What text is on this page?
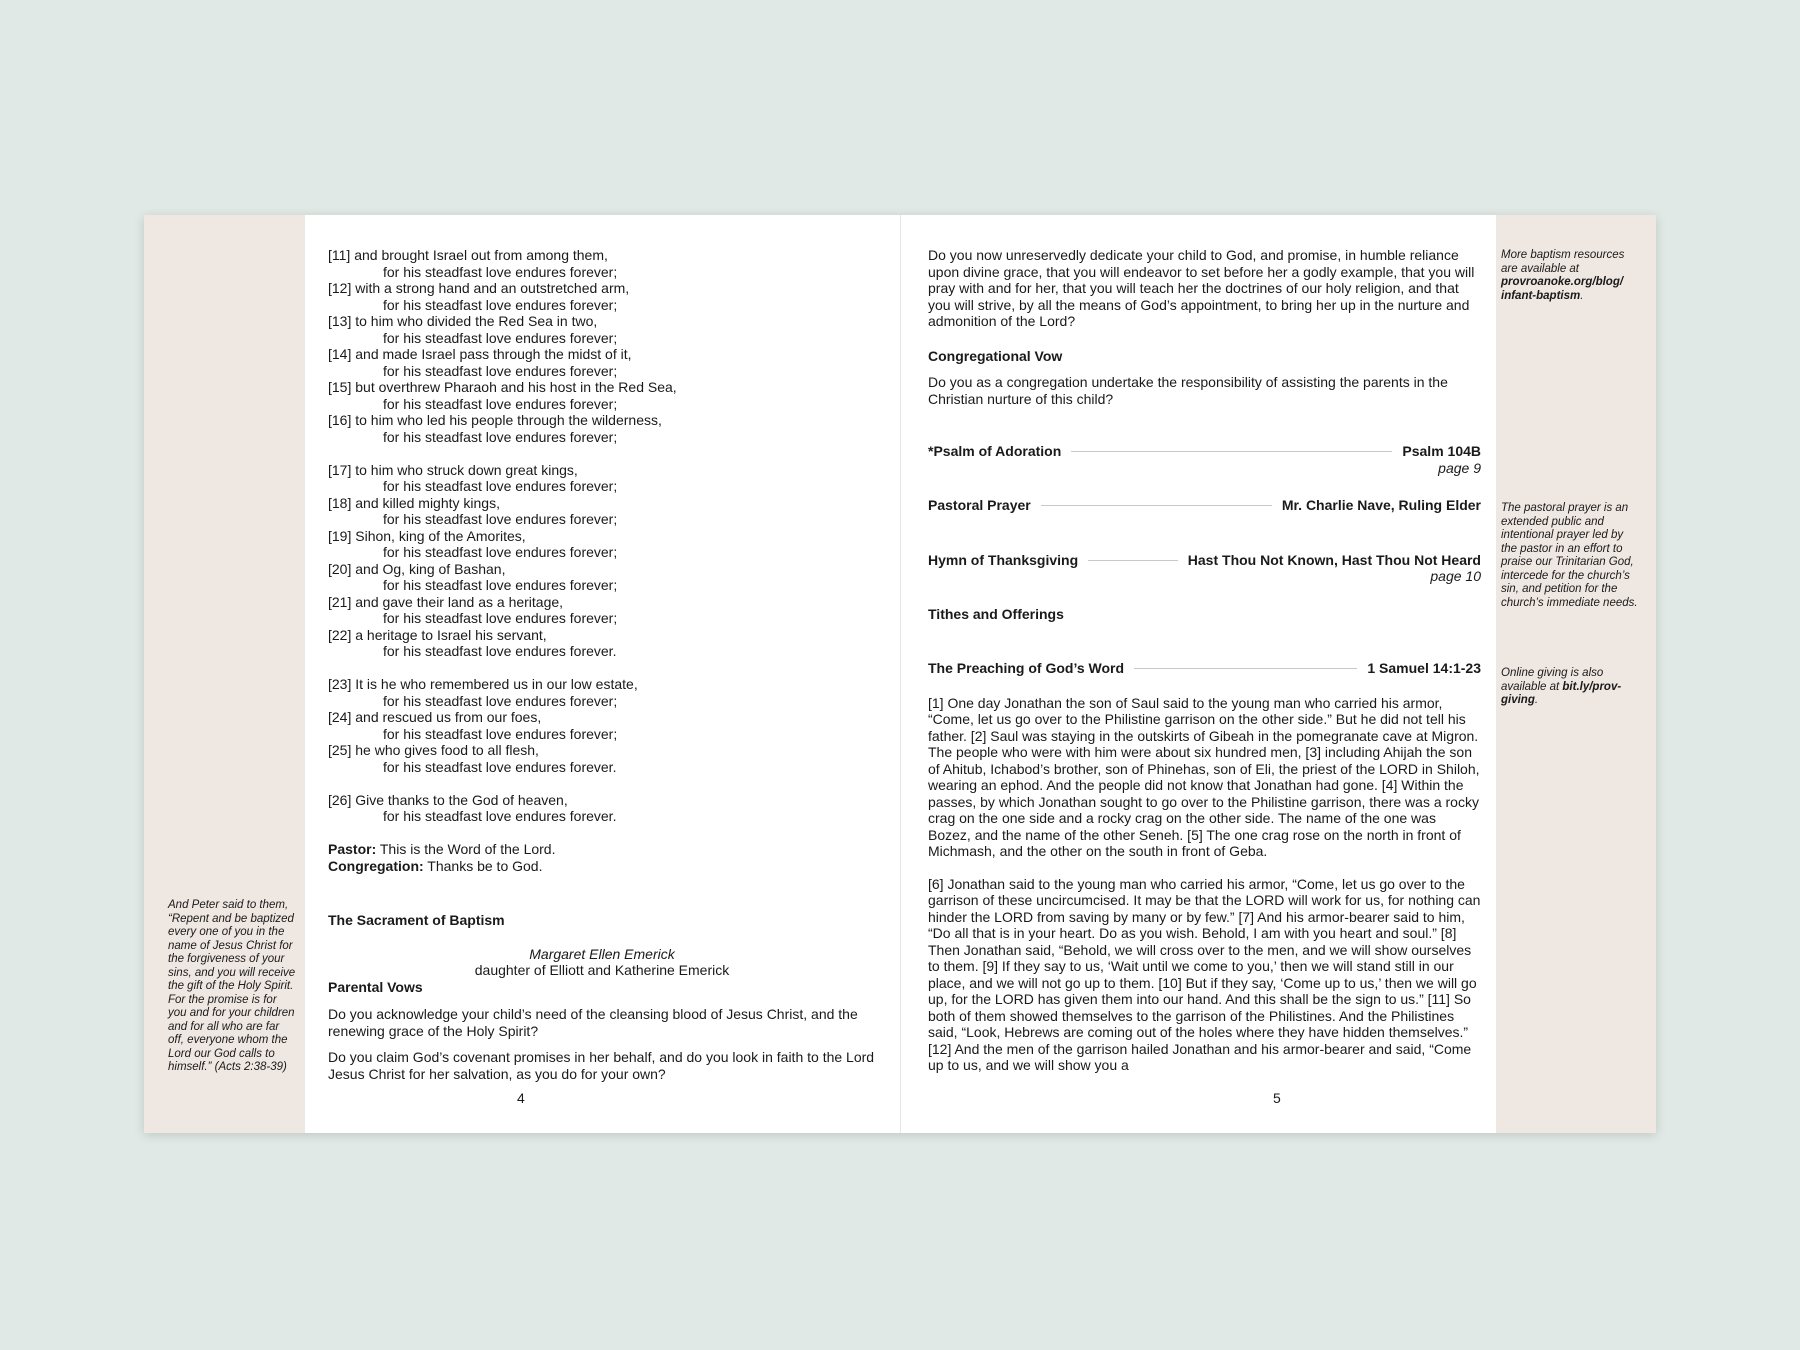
And Peter said to them, “Repent and be baptized every one of you in the name of Jesus Christ for the forgiveness of your sins, and you will receive the gift of the Holy Spirit. For the promise is for you and for your children and for all who are far off, everyone whom the Lord our God calls to himself.” (Acts 2:38-39)

More baptism resources are available at provroanoke.org/blog/ infant-baptism.

The pastoral prayer is an extended public and intentional prayer led by the pastor in an effort to praise our Trinitarian God, intercede for the church’s sin, and petition for the church’s immediate needs.

Online giving is also available at bit.ly/prov-giving.

[11] and brought Israel out from among them,

for his steadfast love endures forever;

[12] with a strong hand and an outstretched arm,

for his steadfast love endures forever;

[13] to him who divided the Red Sea in two,

for his steadfast love endures forever;

[14] and made Israel pass through the midst of it,

for his steadfast love endures forever;

[15] but overthrew Pharaoh and his host in the Red Sea,

for his steadfast love endures forever;

[16] to him who led his people through the wilderness,

for his steadfast love endures forever;

[17] to him who struck down great kings,

for his steadfast love endures forever;

[18] and killed mighty kings,

for his steadfast love endures forever;

[19] Sihon, king of the Amorites,

for his steadfast love endures forever;

[20] and Og, king of Bashan,

for his steadfast love endures forever;

[21] and gave their land as a heritage,

for his steadfast love endures forever;

[22] a heritage to Israel his servant,

for his steadfast love endures forever.

[23] It is he who remembered us in our low estate,

for his steadfast love endures forever;

[24] and rescued us from our foes,

for his steadfast love endures forever;

[25] he who gives food to all flesh,

for his steadfast love endures forever.

[26] Give thanks to the God of heaven,

for his steadfast love endures forever.

Pastor: This is the Word of the Lord.

Congregation: Thanks be to God.

The Sacrament of Baptism

Margaret Ellen Emerick

daughter of Elliott and Katherine Emerick

Parental Vows

Do you acknowledge your child’s need of the cleansing blood of Jesus Christ, and the renewing grace of the Holy Spirit?

Do you claim God’s covenant promises in her behalf, and do you look in faith to the Lord Jesus Christ for her salvation, as you do for your own?

4

Do you now unreservedly dedicate your child to God, and promise, in humble reliance upon divine grace, that you will endeavor to set before her a godly example, that you will pray with and for her, that you will teach her the doctrines of our holy religion, and that you will strive, by all the means of God’s appointment, to bring her up in the nurture and admonition of the Lord?

Congregational Vow

Do you as a congregation undertake the responsibility of assisting the parents in the Christian nurture of this child?

*Psalm of Adoration	Psalm 104B

page 9

Pastoral Prayer	Mr. Charlie Nave, Ruling Elder
Hymn of Thanksgiving	Hast Thou Not Known, Hast Thou Not Heard

page 10

Tithes and Offerings

The Preaching of God’s Word	1 Samuel 14:1-23

[1] One day Jonathan the son of Saul said to the young man who carried his armor, “Come, let us go over to the Philistine garrison on the other side.” But he did not tell his father. [2] Saul was staying in the outskirts of Gibeah in the pomegranate cave at Migron. The people who were with him were about six hundred men, [3] including Ahijah the son of Ahitub, Ichabod’s brother, son of Phinehas, son of Eli, the priest of the LORD in Shiloh, wearing an ephod. And the people did not know that Jonathan had gone. [4] Within the passes, by which Jonathan sought to go over to the Philistine garrison, there was a rocky crag on the one side and a rocky crag on the other side. The name of the one was Bozez, and the name of the other Seneh. [5] The one crag rose on the north in front of Michmash, and the other on the south in front of Geba.

[6] Jonathan said to the young man who carried his armor, “Come, let us go over to the garrison of these uncircumcised. It may be that the LORD will work for us, for nothing can hinder the LORD from saving by many or by few.” [7] And his armor-bearer said to him, “Do all that is in your heart. Do as you wish. Behold, I am with you heart and soul.” [8] Then Jonathan said, “Behold, we will cross over to the men, and we will show ourselves to them. [9] If they say to us, ‘Wait until we come to you,’ then we will stand still in our place, and we will not go up to them. [10] But if they say, ‘Come up to us,’ then we will go up, for the LORD has given them into our hand. And this shall be the sign to us.” [11] So both of them showed themselves to the garrison of the Philistines. And the Philistines said, “Look, Hebrews are coming out of the holes where they have hidden themselves.” [12] And the men of the garrison hailed Jonathan and his armor-bearer and said, “Come up to us, and we will show you a

5
